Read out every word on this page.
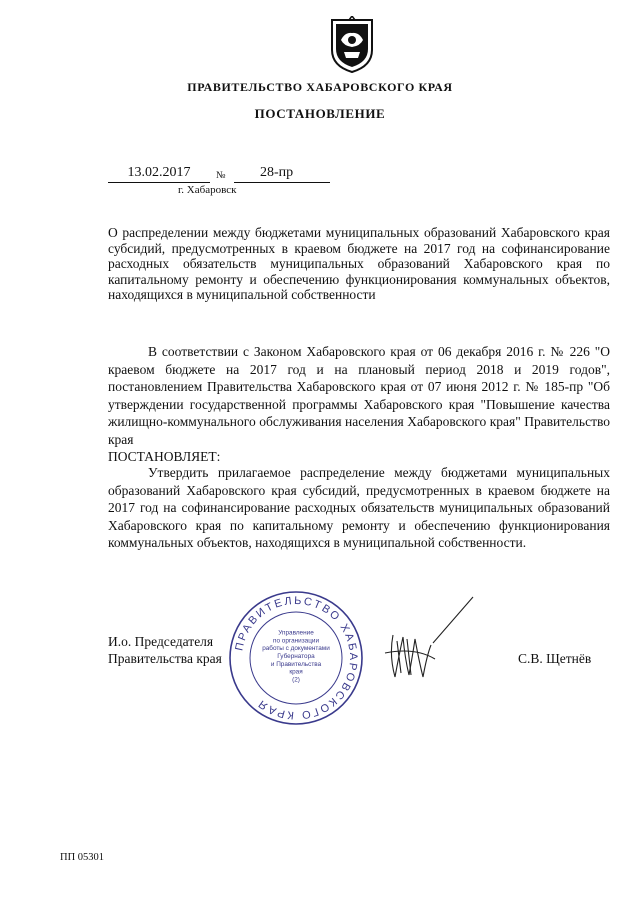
ПРАВИТЕЛЬСТВО ХАБАРОВСКОГО КРАЯ
ПОСТАНОВЛЕНИЕ
13.02.2017	№	28-пр
г. Хабаровск
О распределении между бюджетами муниципальных образований Хабаровского края субсидий, предусмотренных в краевом бюджете на 2017 год на софинансирование расходных обязательств муниципальных образований Хабаровского края по капитальному ремонту и обеспечению функционирования коммунальных объектов, находящихся в муниципальной собственности
В соответствии с Законом Хабаровского края от 06 декабря 2016 г. № 226 "О краевом бюджете на 2017 год и на плановый период 2018 и 2019 годов", постановлением Правительства Хабаровского края от 07 июня 2012 г. № 185-пр "Об утверждении государственной программы Хабаровского края "Повышение качества жилищно-коммунального обслуживания населения Хабаровского края" Правительство края
ПОСТАНОВЛЯЕТ:
Утвердить прилагаемое распределение между бюджетами муниципальных образований Хабаровского края субсидий, предусмотренных в краевом бюджете на 2017 год на софинансирование расходных обязательств муниципальных образований Хабаровского края по капитальному ремонту и обеспечению функционирования коммунальных объектов, находящихся в муниципальной собственности.
И.о. Председателя
Правительства края	С.В. Щетнёв
ПРАВИТЕЛЬСТВО ХАБАРОВСКОГО КРАЯ
Управление
по организации
работы с документами
Губернатора
и Правительства
края
(2)
ПП 05301
